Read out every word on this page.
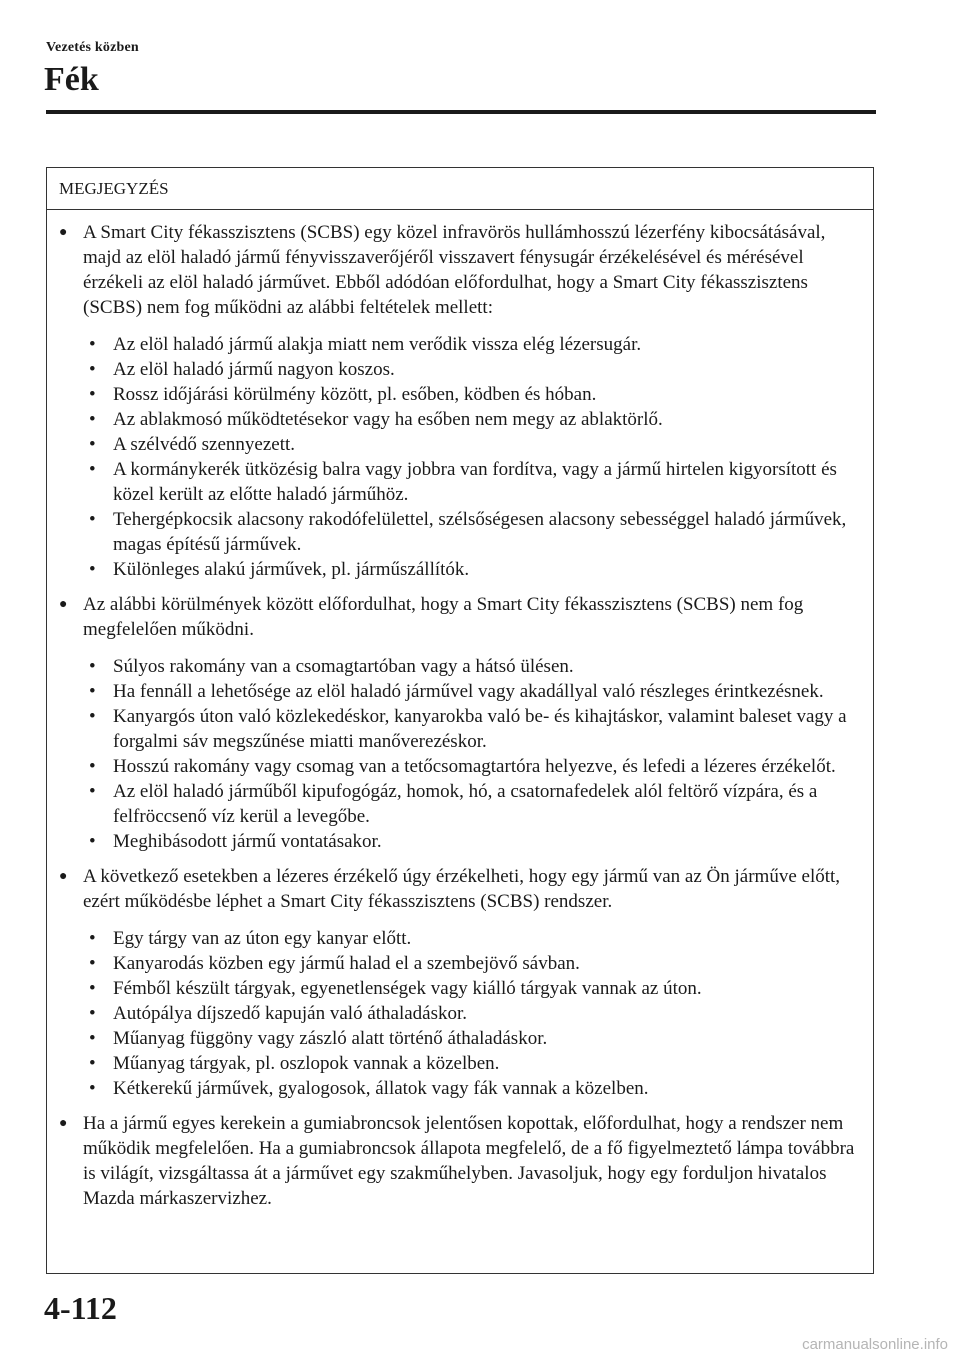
Vezetés közben
Fék
MEGJEGYZÉS
● A Smart City fékasszisztens (SCBS) egy közel infravörös hullámhosszú lézerfény kibocsátásával, majd az elöl haladó jármű fényvisszaverőjéről visszavert fénysugár érzékelésével és mérésével érzékeli az elöl haladó járművet. Ebből adódóan előfordulhat, hogy a Smart City fékasszisztens (SCBS) nem fog működni az alábbi feltételek mellett:
• Az elöl haladó jármű alakja miatt nem verődik vissza elég lézersugár.
• Az elöl haladó jármű nagyon koszos.
• Rossz időjárási körülmény között, pl. esőben, ködben és hóban.
• Az ablakmosó működtetésekor vagy ha esőben nem megy az ablaktörlő.
• A szélvédő szennyezett.
• A kormánykerék ütközésig balra vagy jobbra van fordítva, vagy a jármű hirtelen kigyorsított és közel került az előtte haladó járműhöz.
• Tehergépkocsik alacsony rakodófelülettel, szélsőségesen alacsony sebességgel haladó járművek, magas építésű járművek.
• Különleges alakú járművek, pl. járműszállítók.
● Az alábbi körülmények között előfordulhat, hogy a Smart City fékasszisztens (SCBS) nem fog megfelelően működni.
• Súlyos rakomány van a csomagtartóban vagy a hátsó ülésen.
• Ha fennáll a lehetősége az elöl haladó járművel vagy akadállyal való részleges érintkezésnek.
• Kanyargós úton való közlekedéskor, kanyarokba való be- és kihajtáskor, valamint baleset vagy a forgalmi sáv megszűnése miatti manőverezéskor.
• Hosszú rakomány vagy csomag van a tetőcsomagtartóra helyezve, és lefedi a lézeres érzékelőt.
• Az elöl haladó járműből kipufogógáz, homok, hó, a csatornafedelek alól feltörő vízpára, és a felfröccsenő víz kerül a levegőbe.
• Meghibásodott jármű vontatásakor.
● A következő esetekben a lézeres érzékelő úgy érzékelheti, hogy egy jármű van az Ön járműve előtt, ezért működésbe léphet a Smart City fékasszisztens (SCBS) rendszer.
• Egy tárgy van az úton egy kanyar előtt.
• Kanyarodás közben egy jármű halad el a szembejövő sávban.
• Fémből készült tárgyak, egyenetlenségek vagy kiálló tárgyak vannak az úton.
• Autópálya díjszedő kapuján való áthaladáskor.
• Műanyag függöny vagy zászló alatt történő áthaladáskor.
• Műanyag tárgyak, pl. oszlopok vannak a közelben.
• Kétkerekű járművek, gyalogosok, állatok vagy fák vannak a közelben.
● Ha a jármű egyes kerekein a gumiabroncsok jelentősen kopottak, előfordulhat, hogy a rendszer nem működik megfelelően. Ha a gumiabroncsok állapota megfelelő, de a fő figyelmeztető lámpa továbbra is világít, vizsgáltassa át a járművet egy szakműhelyben. Javasoljuk, hogy egy forduljon hivatalos Mazda márkaszervizhez.
4-112
carmanualsonline.info
